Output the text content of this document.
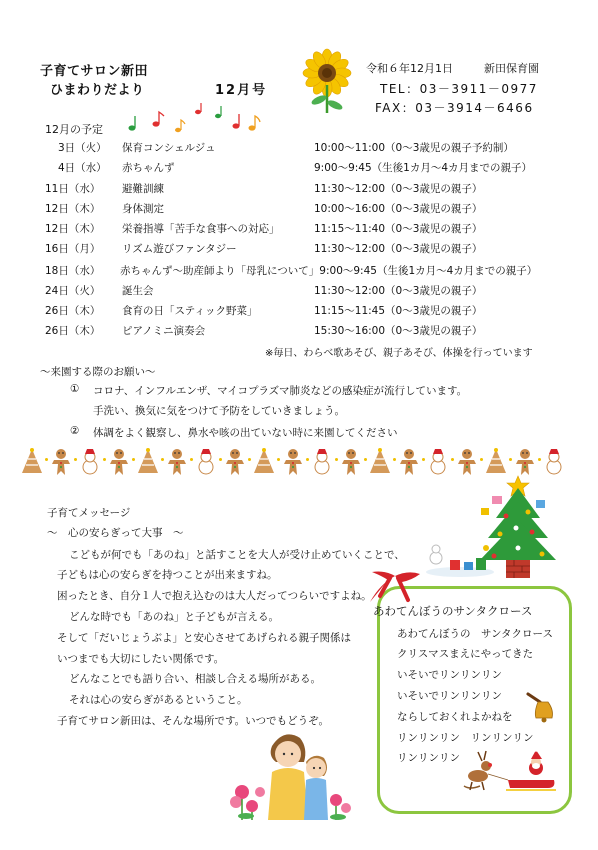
子育てサロン新田
ひまわりだより	12月号
令和６年12月1日	新田保育園
TEL：03－3911－0977
FAX：03－3914－6466
12月の予定
3日（火） 保育コンシェルジュ	10:00～11:00（0～3歳児の親子予約制）
4日（水） 赤ちゃんず	9:00～9:45（生後1カ月～4カ月までの親子）
11日（水） 避難訓練	11:30～12:00（0～3歳児の親子）
12日（木） 身体測定	10:00～16:00（0～3歳児の親子）
12日（木） 栄養指導「苦手な食事への対応」	11:15～11:40（0～3歳児の親子）
16日（月） リズム遊びファンタジー	11:30～12:00（0～3歳児の親子）
18日（水） 赤ちゃんず～助産師より「母乳について」9:00～9:45（生後1カ月～4カ月までの親子）
24日（火） 誕生会	11:30～12:00（0～3歳児の親子）
26日（木） 食育の日「スティック野菜」	11:15～11:45（0～3歳児の親子）
26日（木） ピアノミニ演奏会	15:30～16:00（0～3歳児の親子）
※毎日、わらべ歌あそび、親子あそび、体操を行っています
～来園する際のお願い～
① コロナ、インフルエンザ、マイコプラズマ肺炎などの感染症が流行しています。
手洗い、換気に気をつけて予防をしていきましょう。
② 体調をよく観察し、鼻水や咳の出ていない時に来園してください
子育てメッセージ
～　心の安らぎって大事　～
こどもが何でも「あのね」と話すことを大人が受け止めていくことで、
子どもは心の安らぎを持つことが出来ますね。
困ったとき、自分１人で抱え込むのは大人だってつらいですよね。
どんな時でも「あのね」と子どもが言える。
そして「だいじょうぶよ」と安心させてあげられる親子関係は
いつまでも大切にしたい関係です。
どんなことでも語り合い、相談し合える場所がある。
それは心の安らぎがあるということ。
子育てサロン新田は、そんな場所です。いつでもどうぞ。
あわてんぼうのサンタクロース
あわてんぼうの　サンタクロース
クリスマスまえにやってきた
いそいでリンリンリン
いそいでリンリンリン
ならしておくれよかねを
リンリンリン　リンリンリン
リンリンリン
